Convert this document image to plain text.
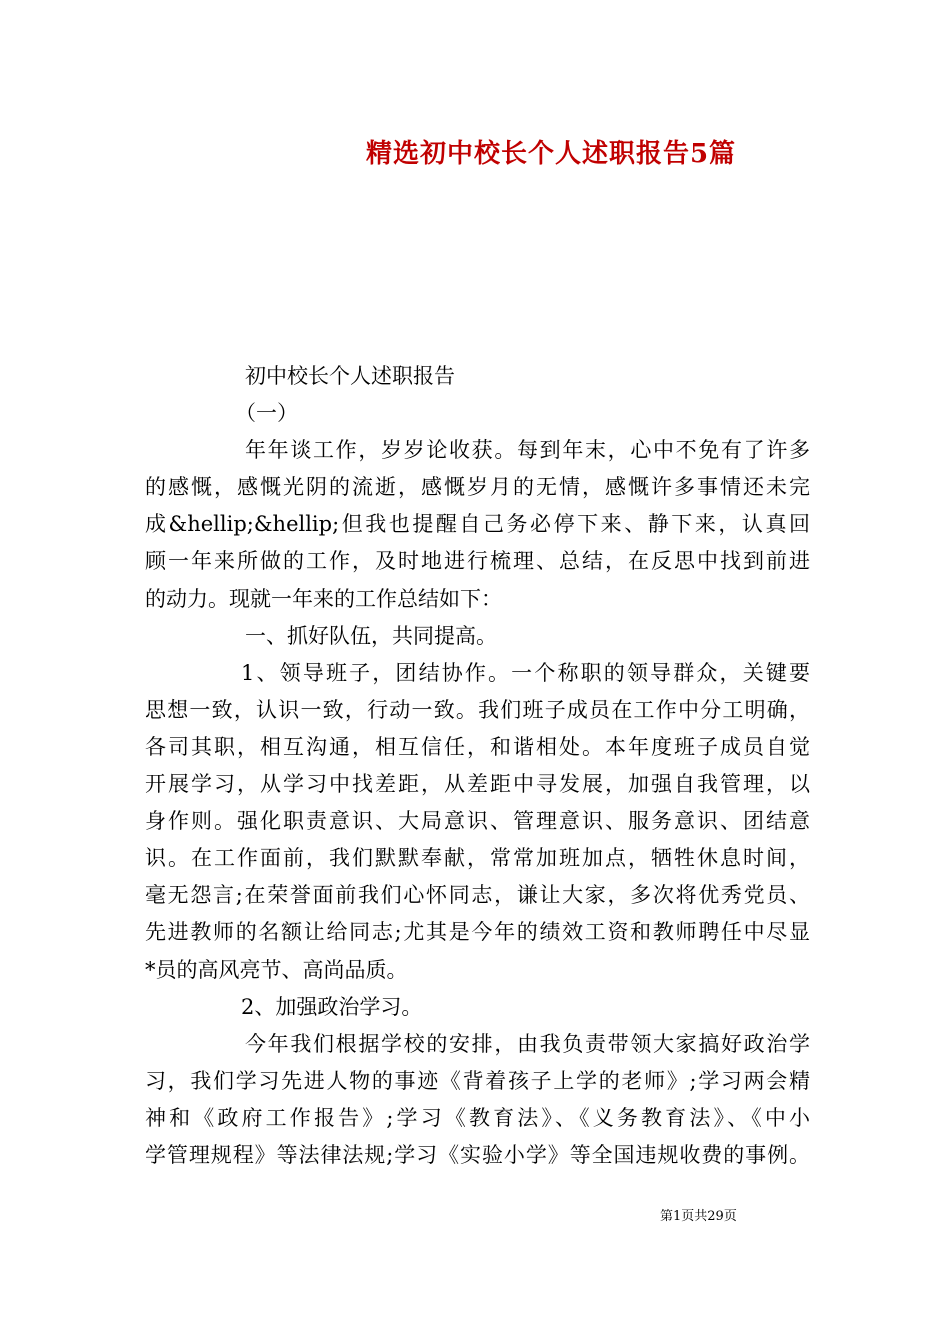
精选初中校长个人述职报告5篇
初中校长个人述职报告
（一）
年年谈工作，岁岁论收获。每到年末，心中不免有了许多
的感慨，感慨光阴的流逝，感慨岁月的无情，感慨许多事情还未完
成&hellip;&hellip;但我也提醒自己务必停下来、静下来，认真回
顾一年来所做的工作，及时地进行梳理、总结，在反思中找到前进
的动力。现就一年来的工作总结如下：
一、抓好队伍，共同提高。
1、领导班子，团结协作。一个称职的领导群众，关键要
思想一致，认识一致，行动一致。我们班子成员在工作中分工明确，
各司其职，相互沟通，相互信任，和谐相处。本年度班子成员自觉
开展学习，从学习中找差距，从差距中寻发展，加强自我管理，以
身作则。强化职责意识、大局意识、管理意识、服务意识、团结意
识。在工作面前，我们默默奉献，常常加班加点，牺牲休息时间，
毫无怨言;在荣誉面前我们心怀同志，谦让大家，多次将优秀党员、
先进教师的名额让给同志;尤其是今年的绩效工资和教师聘任中尽显
*员的高风亮节、高尚品质。
2、加强政治学习。
今年我们根据学校的安排，由我负责带领大家搞好政治学
习，我们学习先进人物的事迹《背着孩子上学的老师》;学习两会精
神和《政府工作报告》;学习《教育法》、《义务教育法》、《中小
学管理规程》等法律法规;学习《实验小学》等全国违规收费的事例。
第1页共29页
